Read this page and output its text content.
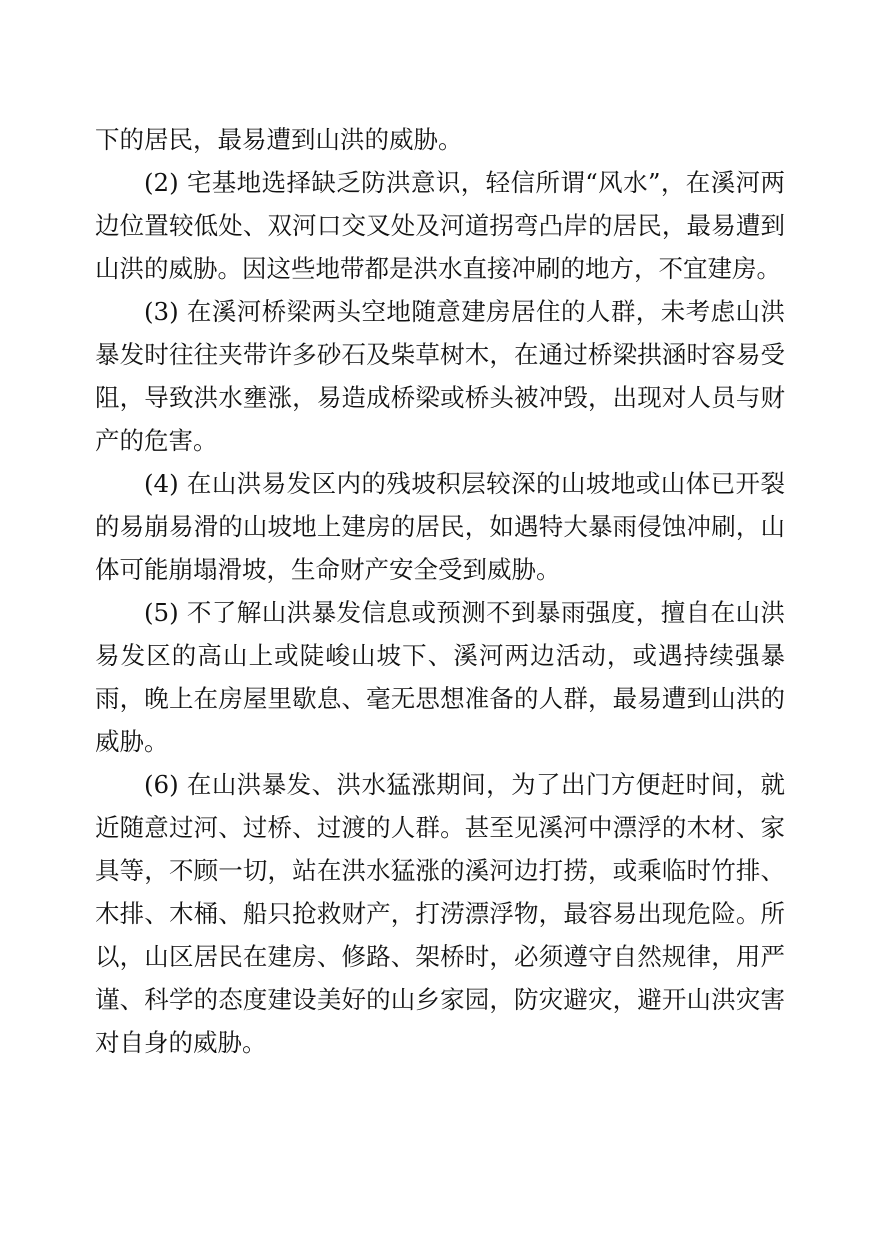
下的居民，最易遭到山洪的威胁。

(2) 宅基地选择缺乏防洪意识，轻信所谓“风水”，在溪河两边位置较低处、双河口交叉处及河道拐弯凸岸的居民，最易遭到山洪的威胁。因这些地带都是洪水直接冲刷的地方，不宜建房。

(3) 在溪河桥梁两头空地随意建房居住的人群，未考虑山洪暴发时往往夹带许多砂石及柴草树木，在通过桥梁拱涵时容易受阻，导致洪水壅涨，易造成桥梁或桥头被冲毁，出现对人员与财产的危害。

(4) 在山洪易发区内的残坡积层较深的山坡地或山体已开裂的易崩易滑的山坡地上建房的居民，如遇特大暴雨侵蚀冲刷，山体可能崩塌滑坡，生命财产安全受到威胁。

(5) 不了解山洪暴发信息或预测不到暴雨强度，擅自在山洪易发区的高山上或陡峻山坡下、溪河两边活动，或遇持续强暴雨，晚上在房屋里歇息、毫无思想准备的人群，最易遭到山洪的威胁。

(6) 在山洪暴发、洪水猛涨期间，为了出门方便赶时间，就近随意过河、过桥、过渡的人群。甚至见溪河中漂浮的木材、家具等，不顾一切，站在洪水猛涨的溪河边打捞，或乘临时竹排、木排、木桶、船只抢救财产，打涝漂浮物，最容易出现危险。所以，山区居民在建房、修路、架桥时，必须遵守自然规律，用严谨、科学的态度建设美好的山乡家园，防灾避灾，避开山洪灾害对自身的威胁。
